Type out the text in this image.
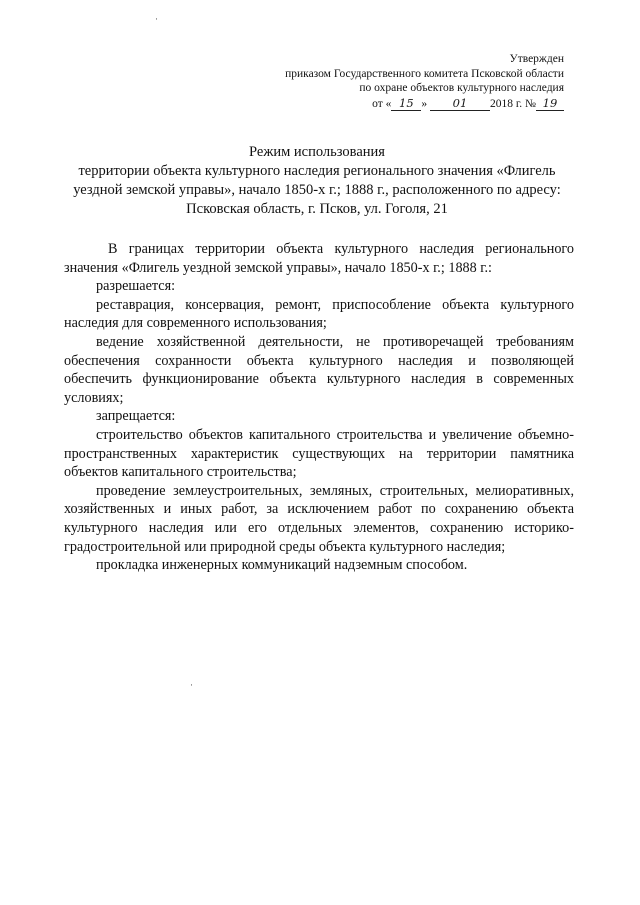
·
·
Утвержден
приказом Государственного комитета Псковской области
по охране объектов культурного наследия
от « 15 » 01 2018 г. № 19
Режим использования
территории объекта культурного наследия регионального значения «Флигель
уездной земской управы», начало 1850-х г.; 1888 г., расположенного по адресу:
Псковская область, г. Псков, ул. Гоголя, 21

В границах территории объекта культурного наследия регионального значения «Флигель уездной земской управы», начало 1850-х г.; 1888 г.:

разрешается:

реставрация, консервация, ремонт, приспособление объекта культурного наследия для современного использования;

ведение хозяйственной деятельности, не противоречащей требованиям обеспечения сохранности объекта культурного наследия и позволяющей обеспечить функционирование объекта культурного наследия в современных условиях;

запрещается:

строительство объектов капитального строительства и увеличение объемно-пространственных характеристик существующих на территории памятника объектов капитального строительства;

проведение землеустроительных, земляных, строительных, мелиоративных, хозяйственных и иных работ, за исключением работ по сохранению объекта культурного наследия или его отдельных элементов, сохранению историко-градостроительной или природной среды объекта культурного наследия;

прокладка инженерных коммуникаций надземным способом.
